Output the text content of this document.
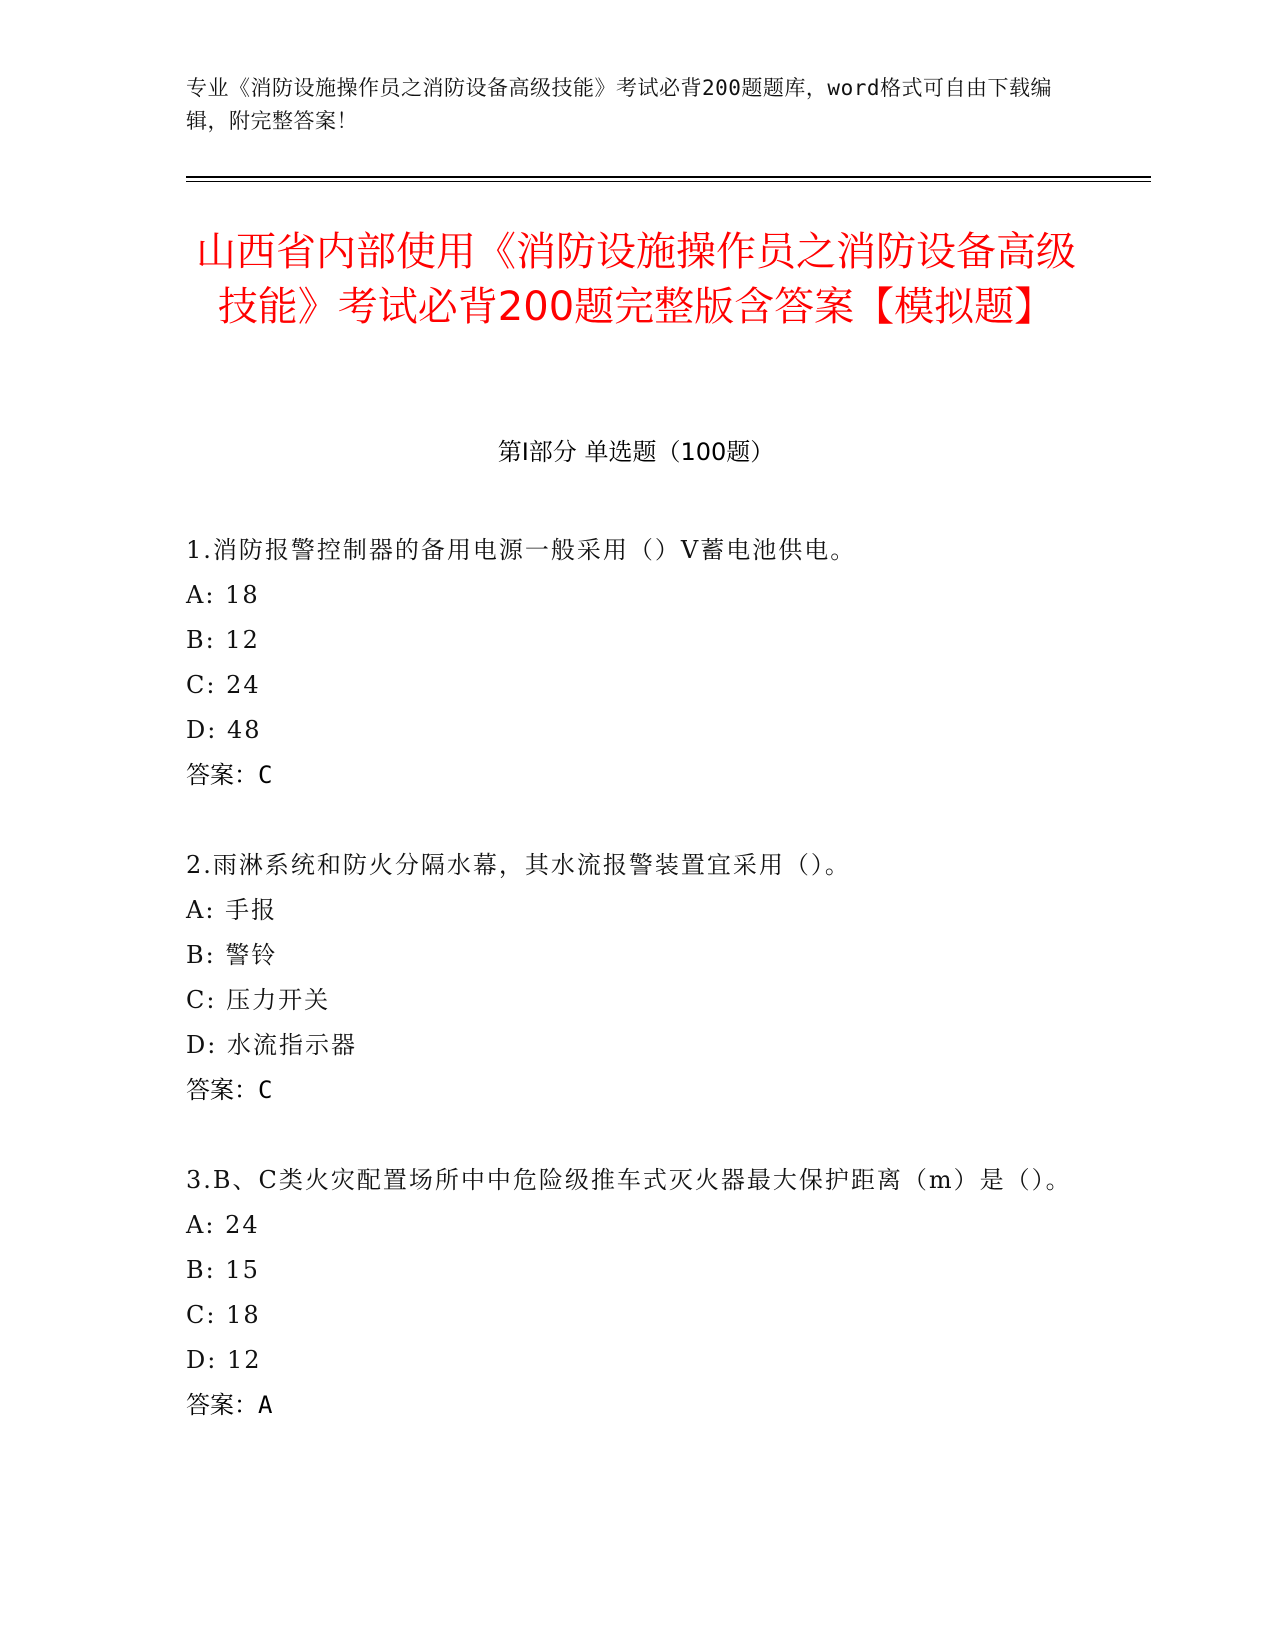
专业《消防设施操作员之消防设备高级技能》考试必背200题题库，word格式可自由下载编辑，附完整答案！
山西省内部使用《消防设施操作员之消防设备高级技能》考试必背200题完整版含答案【模拟题】
第Ⅰ部分 单选题（100题）
1.消防报警控制器的备用电源一般采用（）V蓄电池供电。
A: 18
B: 12
C: 24
D: 48
答案：C
2.雨淋系统和防火分隔水幕，其水流报警装置宜采用（）。
A: 手报
B: 警铃
C: 压力开关
D: 水流指示器
答案：C
3.B、C类火灾配置场所中中危险级推车式灭火器最大保护距离（m）是（）。
A: 24
B: 15
C: 18
D: 12
答案：A
